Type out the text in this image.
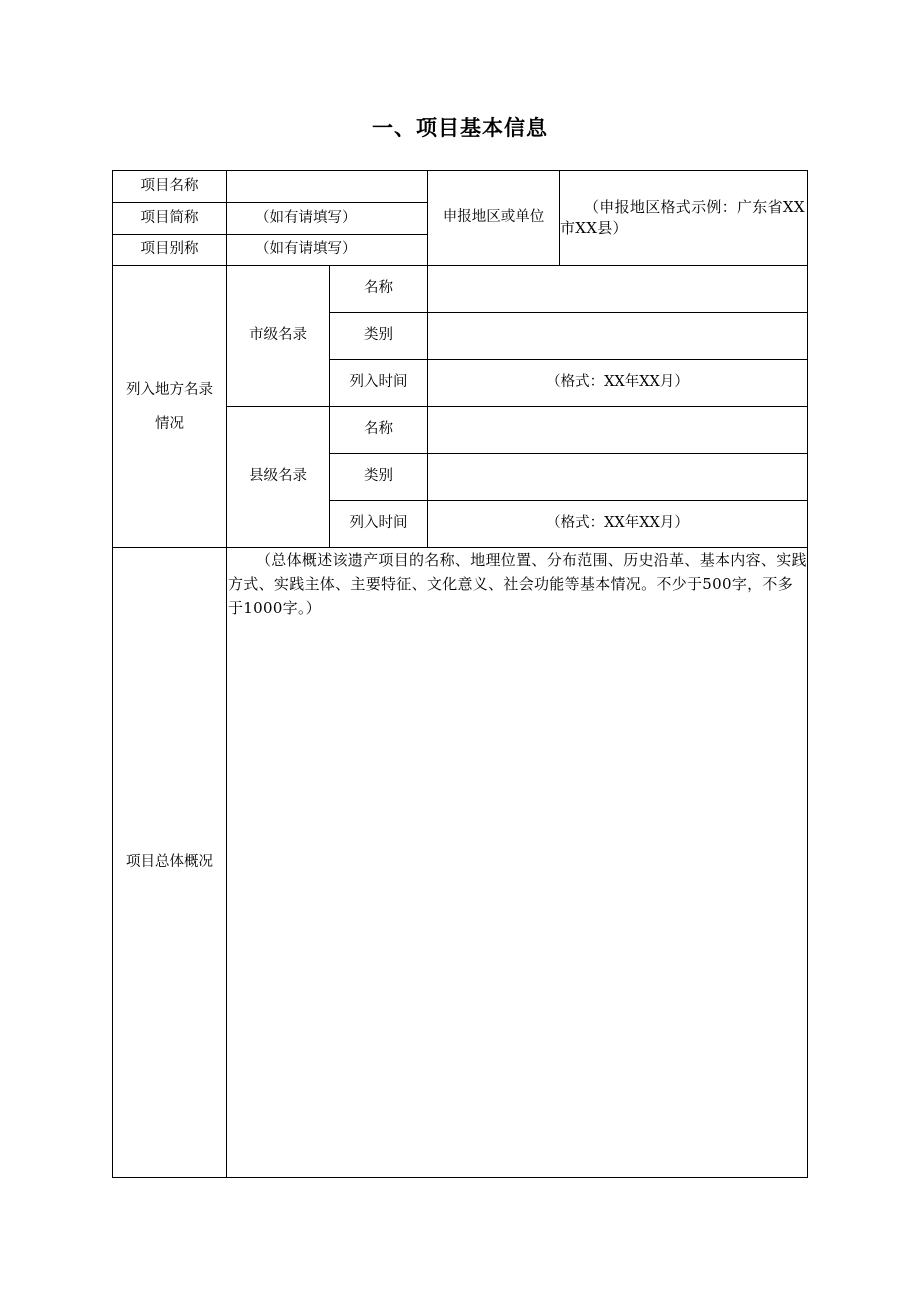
一、项目基本信息
项目名称			申报地区或单位	（申报地区格式示例：广东省XX市XX县）

项目简称	（如有请填写）			
项目别称	（如有请填写）			
列入地方名录
情况	市级名录	名称		
		类别		
		列入时间	（格式：XX年XX月）	
	县级名录	名称		
		类别		
		列入时间	（格式：XX年XX月）	
项目总体概况	（总体概述该遗产项目的名称、地理位置、分布范围、历史沿革、基本内容、实践方式、实践主体、主要特征、文化意义、社会功能等基本情况。不少于500字，不多于1000字。）			
